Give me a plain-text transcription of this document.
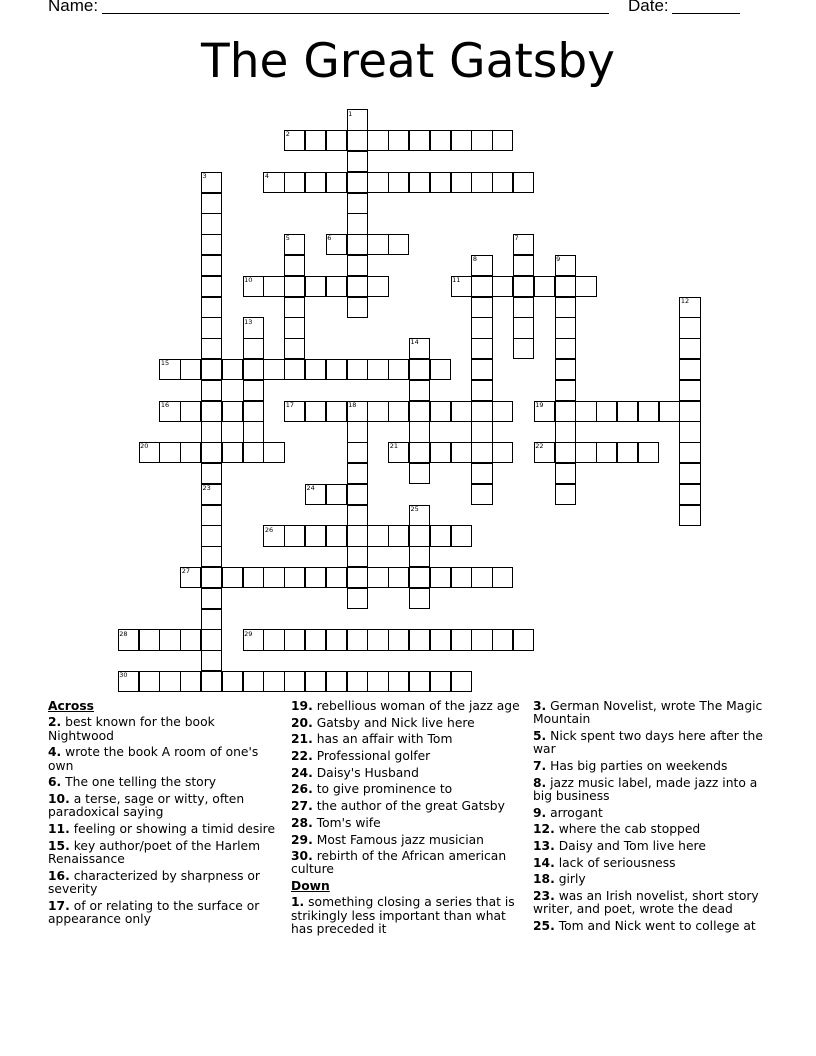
Name:	Date:
The Great Gatsby
2
4
6
10	11
15
16	17	19
20	21	22
24
26
27
28	29
30
1
3
5	7
8	9
12
13
14
18
23
25
Across
2. best known for the book Nightwood
4. wrote the book A room of one's own
6. The one telling the story
10. a terse, sage or witty, often paradoxical saying
11. feeling or showing a timid desire
15. key author/poet of the Harlem Renaissance
16. characterized by sharpness or severity
17. of or relating to the surface or appearance only
19. rebellious woman of the jazz age
20. Gatsby and Nick live here
21. has an affair with Tom
22. Professional golfer
24. Daisy's Husband
26. to give prominence to
27. the author of the great Gatsby
28. Tom's wife
29. Most Famous jazz musician
30. rebirth of the African american culture
Down
1. something closing a series that is strikingly less important than what has preceded it
3. German Novelist, wrote The Magic Mountain
5. Nick spent two days here after the war
7. Has big parties on weekends
8. jazz music label, made jazz into a big business
9. arrogant
12. where the cab stopped
13. Daisy and Tom live here
14. lack of seriousness
18. girly
23. was an Irish novelist, short story writer, and poet, wrote the dead
25. Tom and Nick went to college at
